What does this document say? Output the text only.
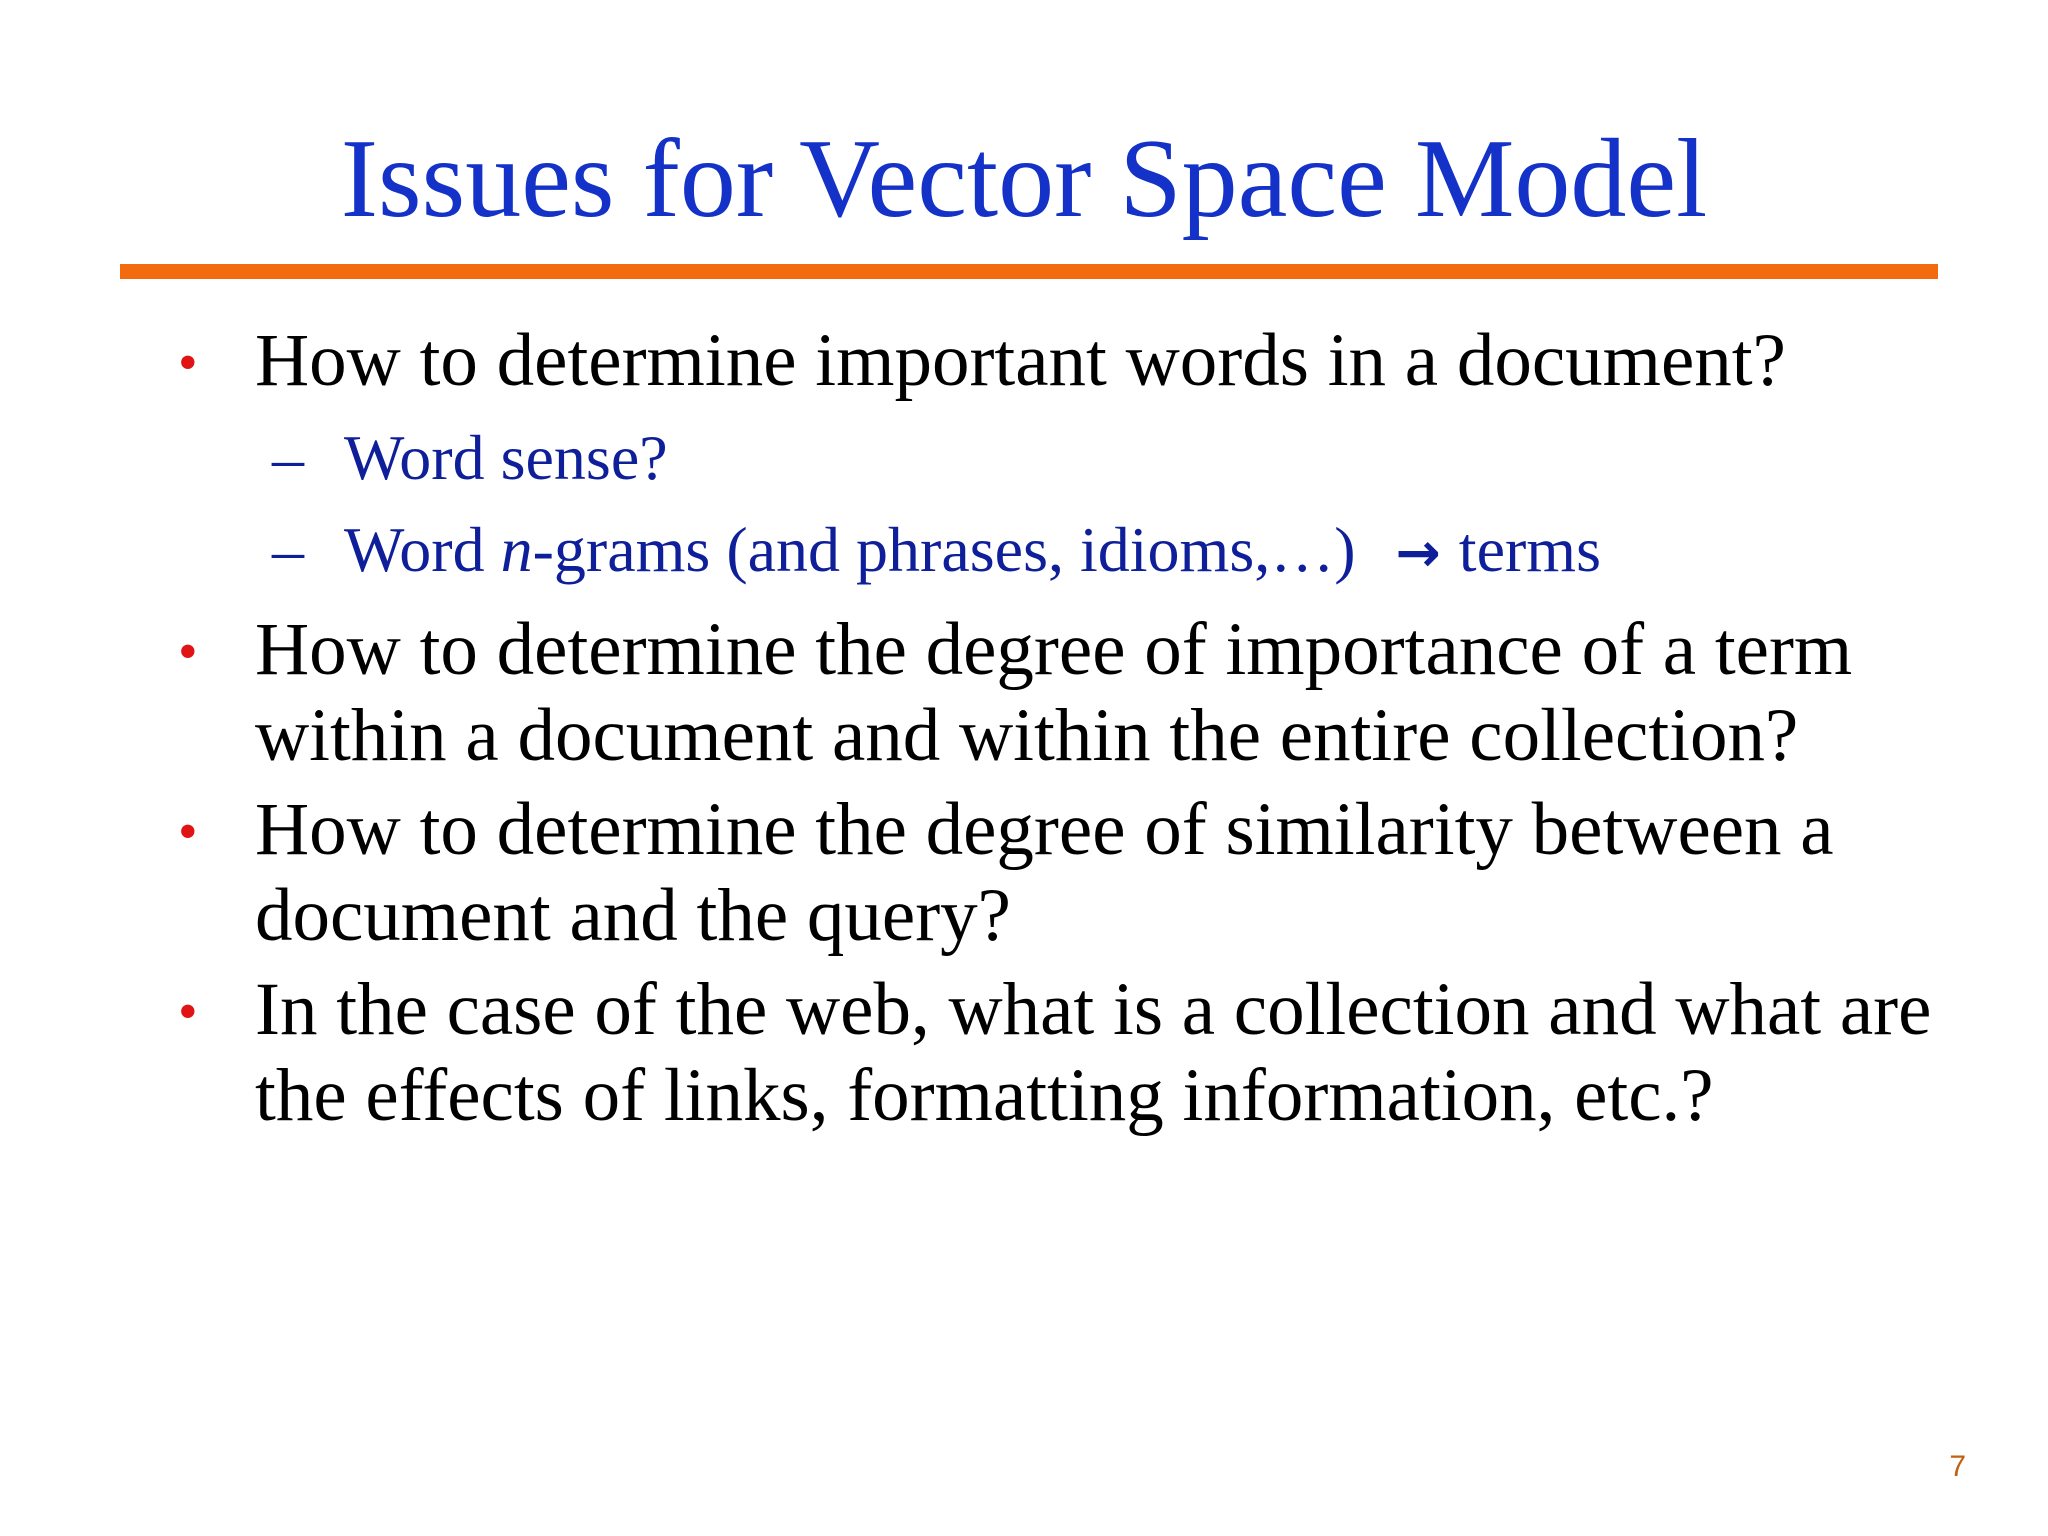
Issues for Vector Space Model
• How to determine important words in a document?
– Word sense?
– Word n-grams (and phrases, idioms,…) → terms
• How to determine the degree of importance of a term within a document and within the entire collection?
• How to determine the degree of similarity between a document and the query?
• In the case of the web, what is a collection and what are the effects of links, formatting information, etc.?
7
